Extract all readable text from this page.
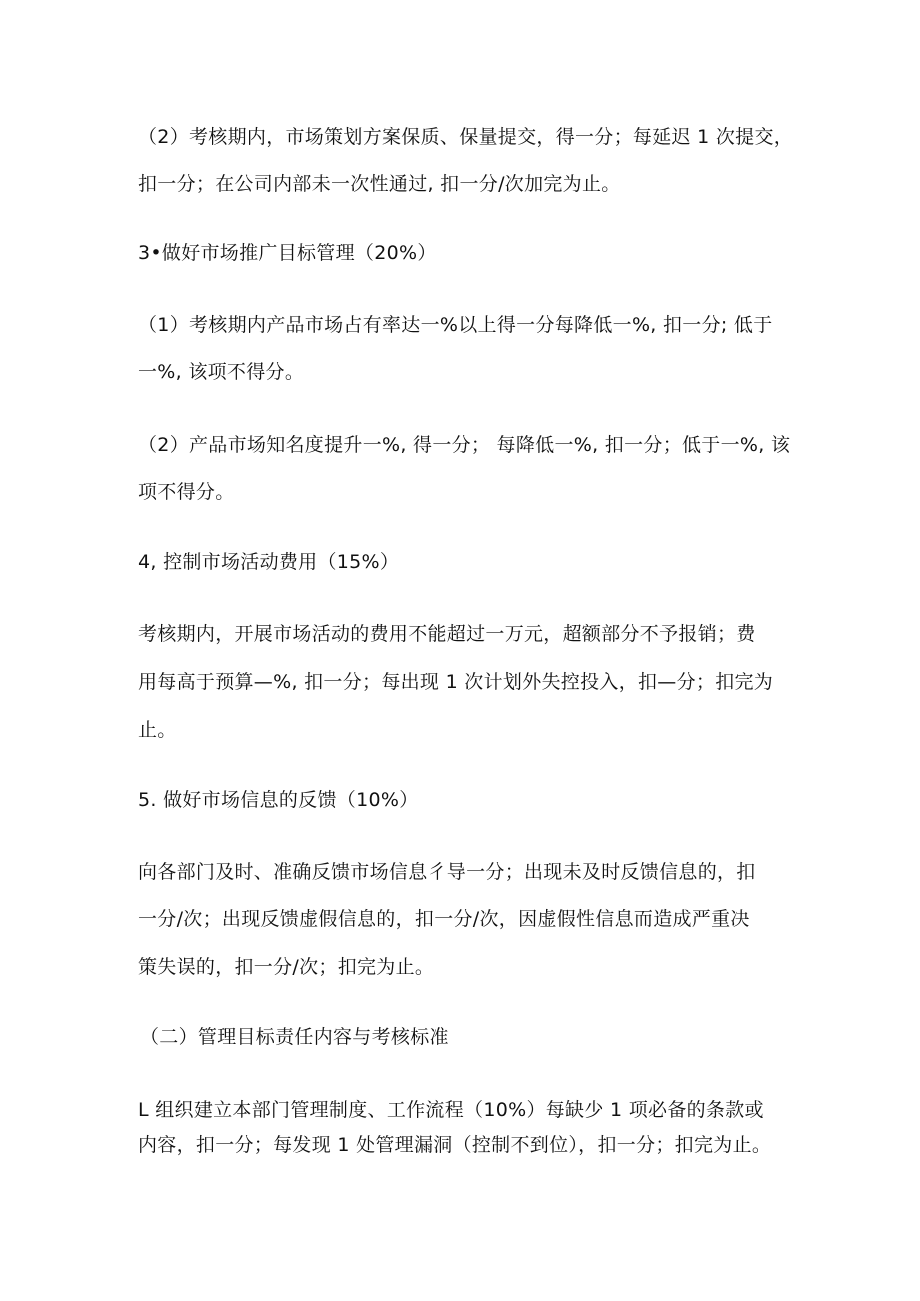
（2）考核期内，市场策划方案保质、保量提交，得一分；每延迟 1 次提交，
扣一分；在公司内部未一次性通过, 扣一分/次加完为止。
3•做好市场推广目标管理（20%）
（1）考核期内产品市场占有率达一%以上得一分每降低一%, 扣一分; 低于
一%, 该项不得分。
（2）产品市场知名度提升一%, 得一分； 每降低一%, 扣一分；低于一%, 该
项不得分。
4, 控制市场活动费用（15%）
考核期内，开展市场活动的费用不能超过一万元，超额部分不予报销；费
用每高于预算—%, 扣一分；每出现 1 次计划外失控投入，扣—分；扣完为
止。
5. 做好市场信息的反馈（10%）
向各部门及时、准确反馈市场信息彳导一分；出现未及时反馈信息的，扣
一分/次；出现反馈虚假信息的，扣一分/次，因虚假性信息而造成严重决
策失误的，扣一分/次；扣完为止。
（二）管理目标责任内容与考核标准
L 组织建立本部门管理制度、工作流程（10%）每缺少 1 项必备的条款或
内容，扣一分；每发现 1 处管理漏洞（控制不到位），扣一分；扣完为止。
